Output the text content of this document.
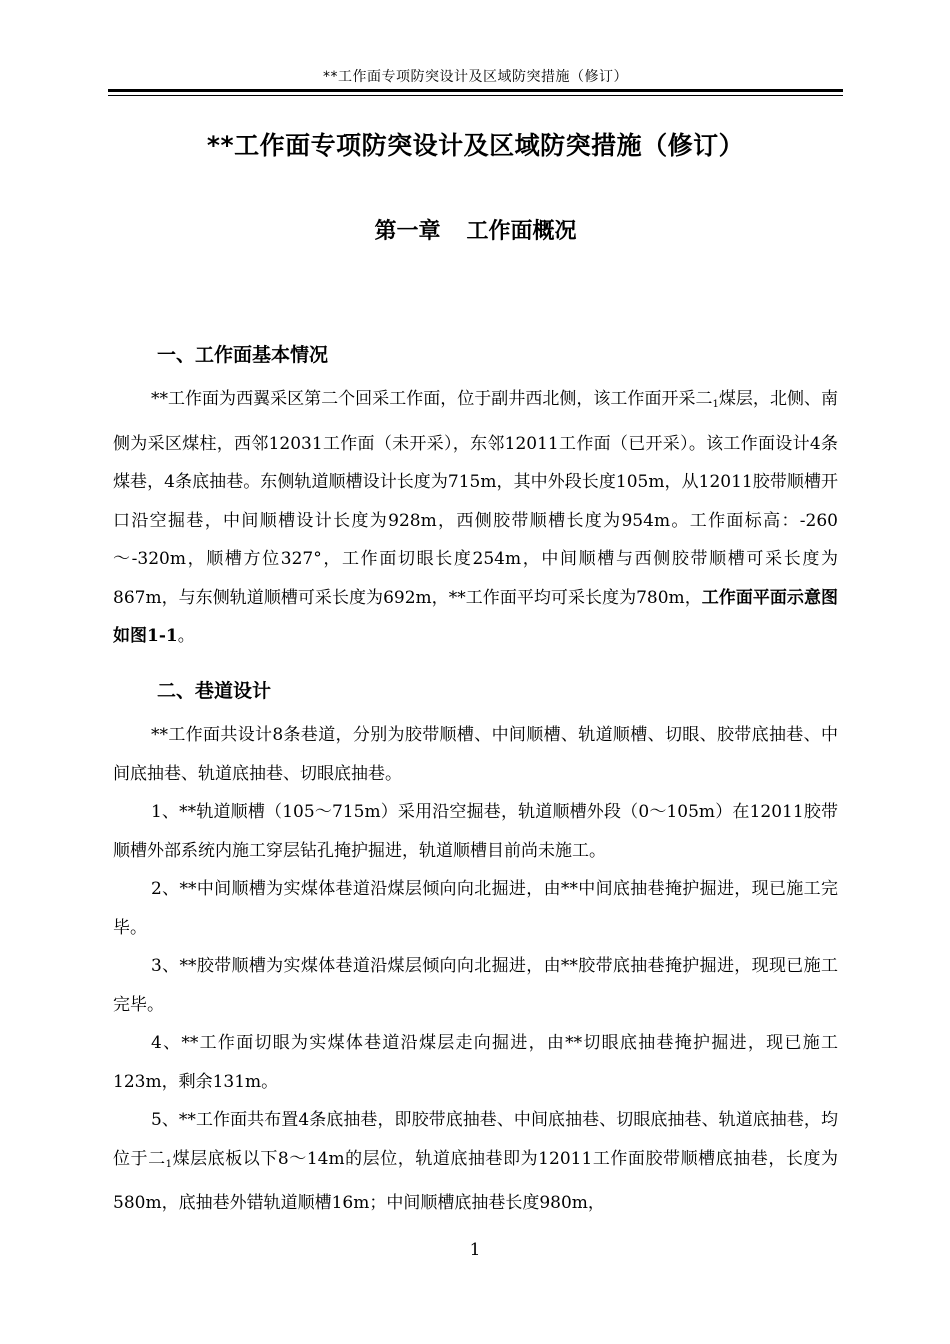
**工作面专项防突设计及区域防突措施（修订）
**工作面专项防突设计及区域防突措施（修订）
第一章 工作面概况
一、工作面基本情况

**工作面为西翼采区第二个回采工作面，位于副井西北侧，该工作面开采二$_1$煤层，北侧、南侧为采区煤柱，西邻12031工作面（未开采），东邻12011工作面（已开采）。该工作面设计4条煤巷，4条底抽巷。东侧轨道顺槽设计长度为715m，其中外段长度105m，从12011胶带顺槽开口沿空掘巷，中间顺槽设计长度为928m，西侧胶带顺槽长度为954m。工作面标高：-260～-320m，顺槽方位327°，工作面切眼长度254m，中间顺槽与西侧胶带顺槽可采长度为867m，与东侧轨道顺槽可采长度为692m，**工作面平均可采长度为780m，工作面平面示意图如图1-1。

二、巷道设计

**工作面共设计8条巷道，分别为胶带顺槽、中间顺槽、轨道顺槽、切眼、胶带底抽巷、中间底抽巷、轨道底抽巷、切眼底抽巷。

1、**轨道顺槽（105～715m）采用沿空掘巷，轨道顺槽外段（0～105m）在12011胶带顺槽外部系统内施工穿层钻孔掩护掘进，轨道顺槽目前尚未施工。

2、**中间顺槽为实煤体巷道沿煤层倾向向北掘进，由**中间底抽巷掩护掘进，现已施工完毕。

3、**胶带顺槽为实煤体巷道沿煤层倾向向北掘进，由**胶带底抽巷掩护掘进，现现已施工完毕。

4、**工作面切眼为实煤体巷道沿煤层走向掘进，由**切眼底抽巷掩护掘进，现已施工123m，剩余131m。

5、**工作面共布置4条底抽巷，即胶带底抽巷、中间底抽巷、切眼底抽巷、轨道底抽巷，均位于二$_1$煤层底板以下8～14m的层位，轨道底抽巷即为12011工作面胶带顺槽底抽巷，长度为580m，底抽巷外错轨道顺槽16m；中间顺槽底抽巷长度980m，

1
